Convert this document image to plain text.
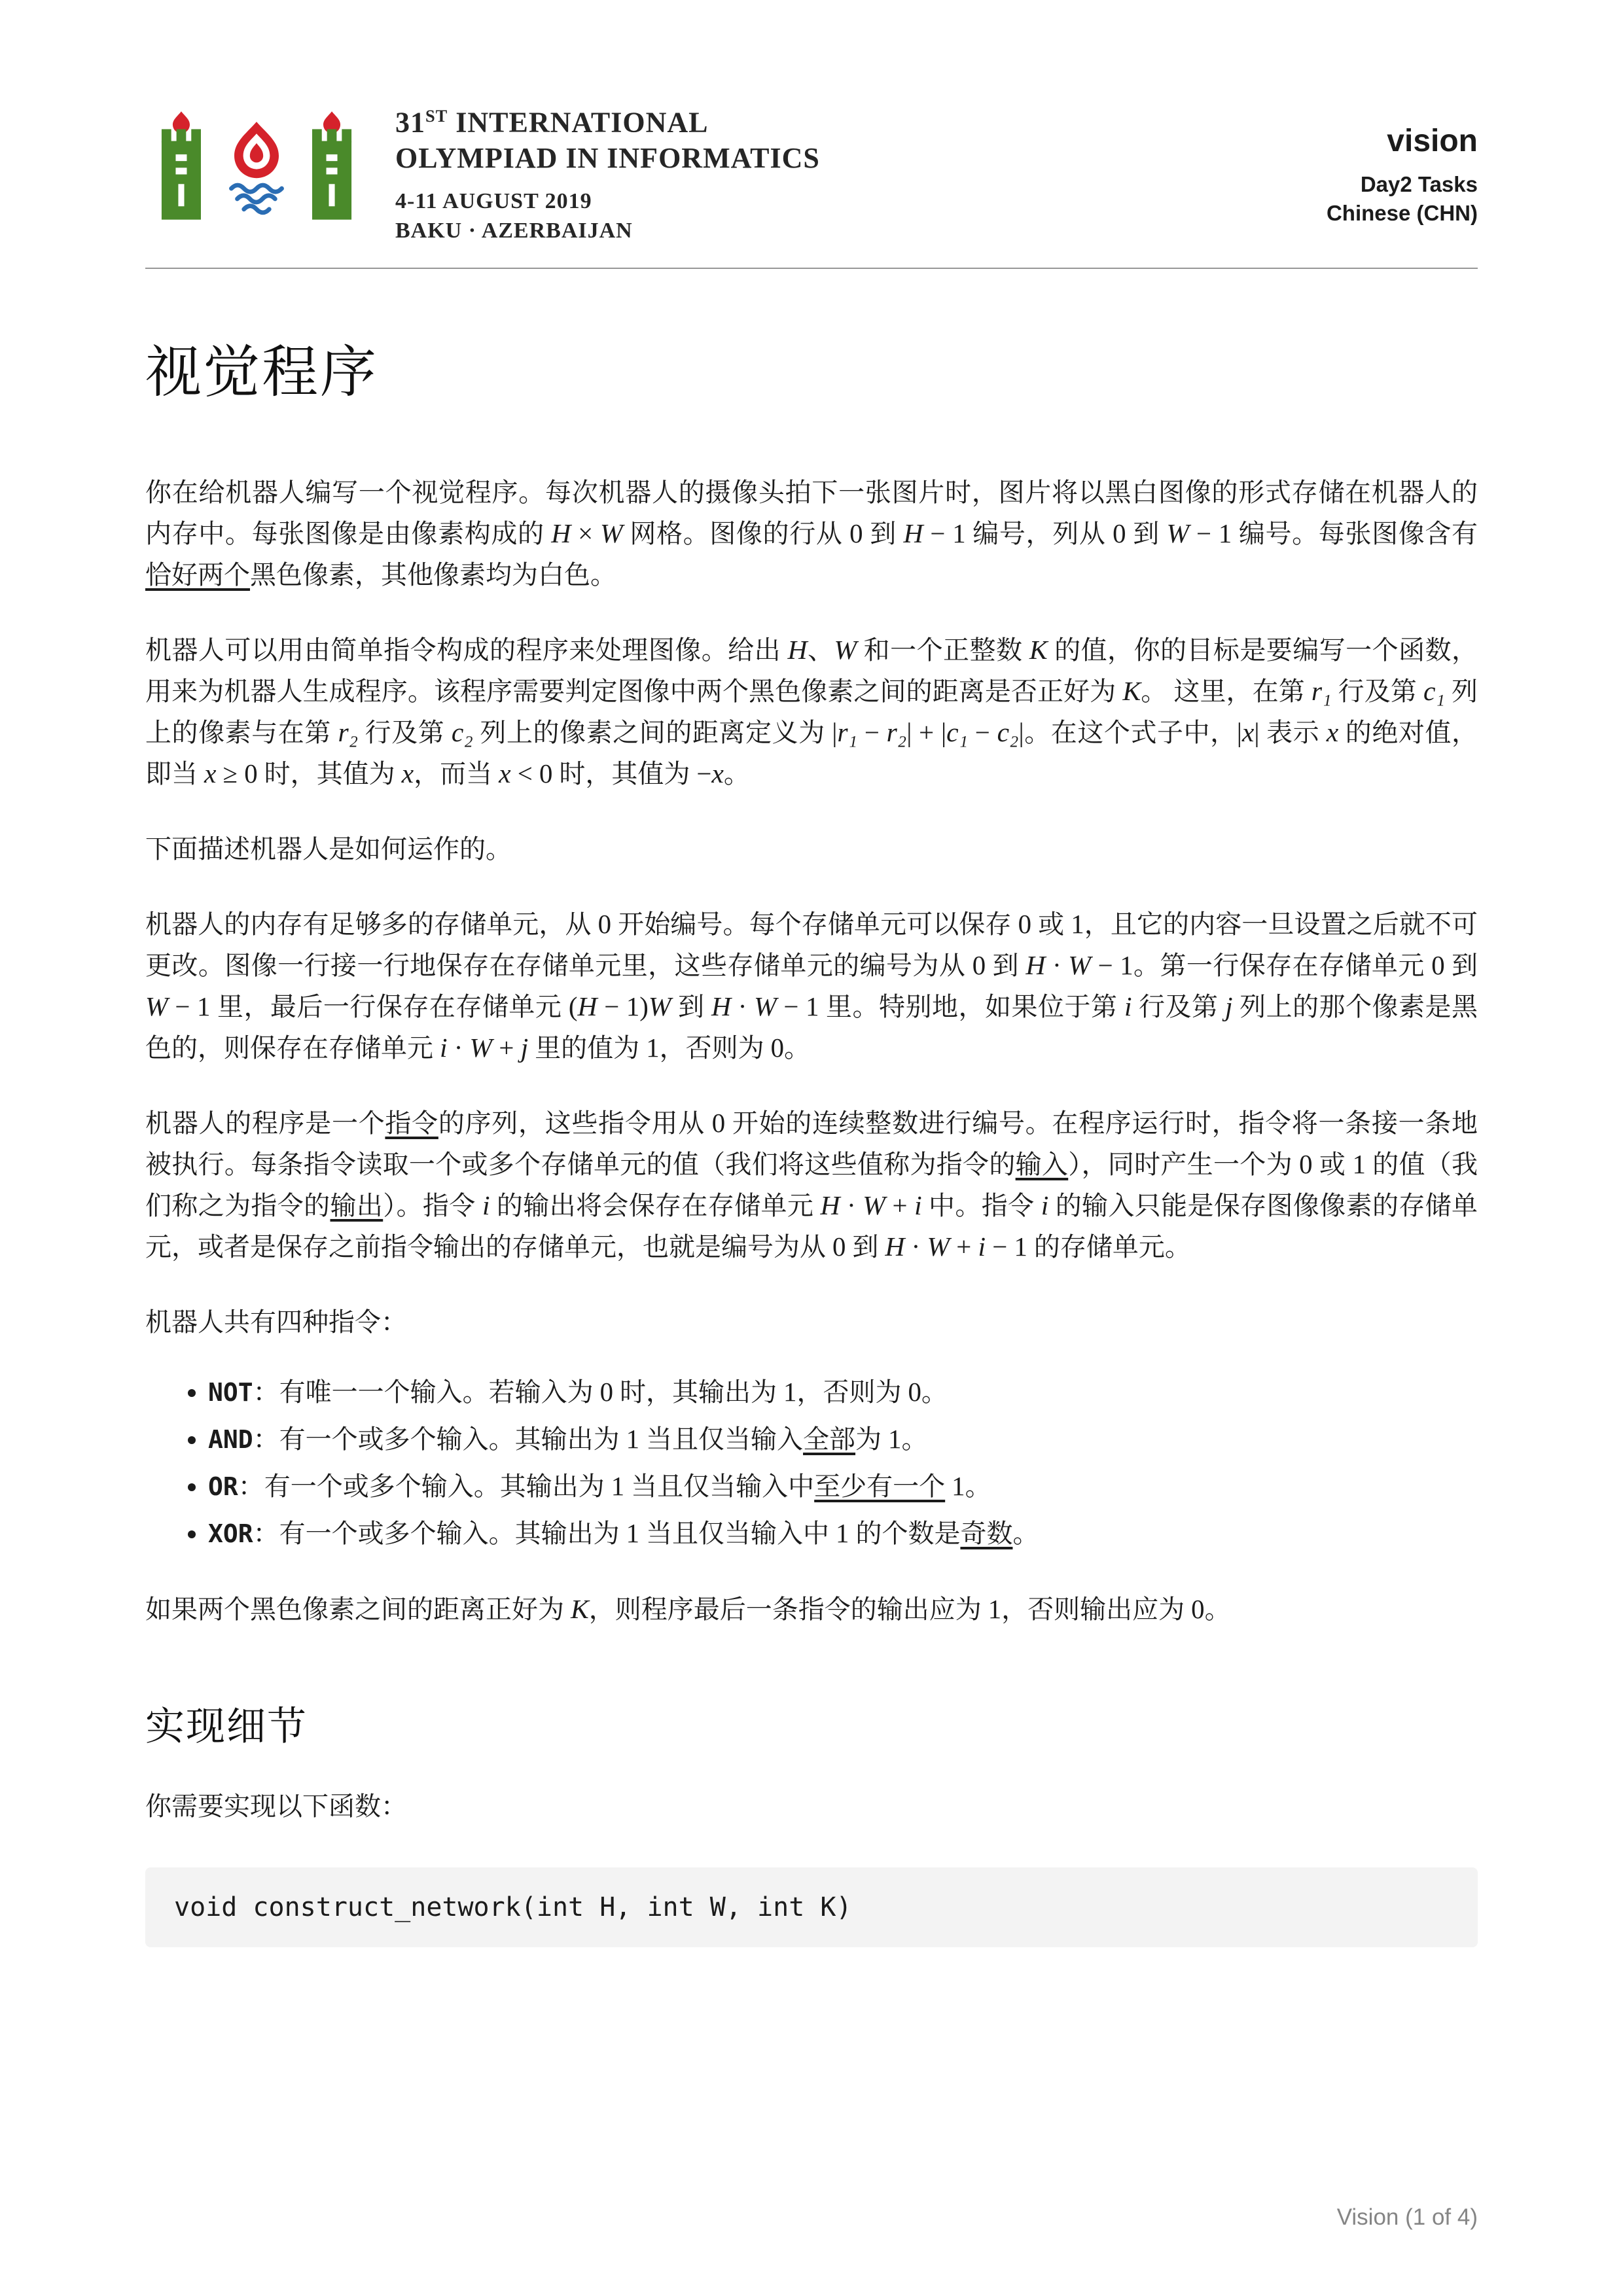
31ST INTERNATIONAL
OLYMPIAD IN INFORMATICS
4-11 AUGUST 2019
BAKU · AZERBAIJAN
vision
Day2 Tasks
Chinese (CHN)
视觉程序

你在给机器人编写一个视觉程序。每次机器人的摄像头拍下一张图片时，图片将以黑白图像的形式存储在机器人的内存中。每张图像是由像素构成的 H × W 网格。图像的行从 0 到 H − 1 编号，列从 0 到 W − 1 编号。每张图像含有恰好两个黑色像素，其他像素均为白色。

机器人可以用由简单指令构成的程序来处理图像。给出 H、W 和一个正整数 K 的值，你的目标是要编写一个函数，用来为机器人生成程序。该程序需要判定图像中两个黑色像素之间的距离是否正好为 K。 这里，在第 r₁ 行及第 c₁ 列上的像素与在第 r₂ 行及第 c₂ 列上的像素之间的距离定义为 |r₁ − r₂| + |c₁ − c₂|。在这个式子中，|x| 表示 x 的绝对值，即当 x ≥ 0 时，其值为 x，而当 x < 0 时，其值为 −x。

下面描述机器人是如何运作的。

机器人的内存有足够多的存储单元，从 0 开始编号。每个存储单元可以保存 0 或 1，且它的内容一旦设置之后就不可更改。图像一行接一行地保存在存储单元里，这些存储单元的编号为从 0 到 H · W − 1。第一行保存在存储单元 0 到 W − 1 里，最后一行保存在存储单元 (H − 1)W 到 H · W − 1 里。特别地，如果位于第 i 行及第 j 列上的那个像素是黑色的，则保存在存储单元 i · W + j 里的值为 1，否则为 0。

机器人的程序是一个指令的序列，这些指令用从 0 开始的连续整数进行编号。在程序运行时，指令将一条接一条地被执行。每条指令读取一个或多个存储单元的值（我们将这些值称为指令的输入），同时产生一个为 0 或 1 的值（我们称之为指令的输出）。指令 i 的输出将会保存在存储单元 H · W + i 中。指令 i 的输入只能是保存图像像素的存储单元，或者是保存之前指令输出的存储单元，也就是编号为从 0 到 H · W + i − 1 的存储单元。

机器人共有四种指令：

• NOT：有唯一一个输入。若输入为 0 时，其输出为 1，否则为 0。
• AND：有一个或多个输入。其输出为 1 当且仅当输入全部为 1。
• OR：有一个或多个输入。其输出为 1 当且仅当输入中至少有一个 1。
• XOR：有一个或多个输入。其输出为 1 当且仅当输入中 1 的个数是奇数。

如果两个黑色像素之间的距离正好为 K，则程序最后一条指令的输出应为 1，否则输出应为 0。

实现细节

你需要实现以下函数：

void construct_network(int H, int W, int K)
Vision (1 of 4)
